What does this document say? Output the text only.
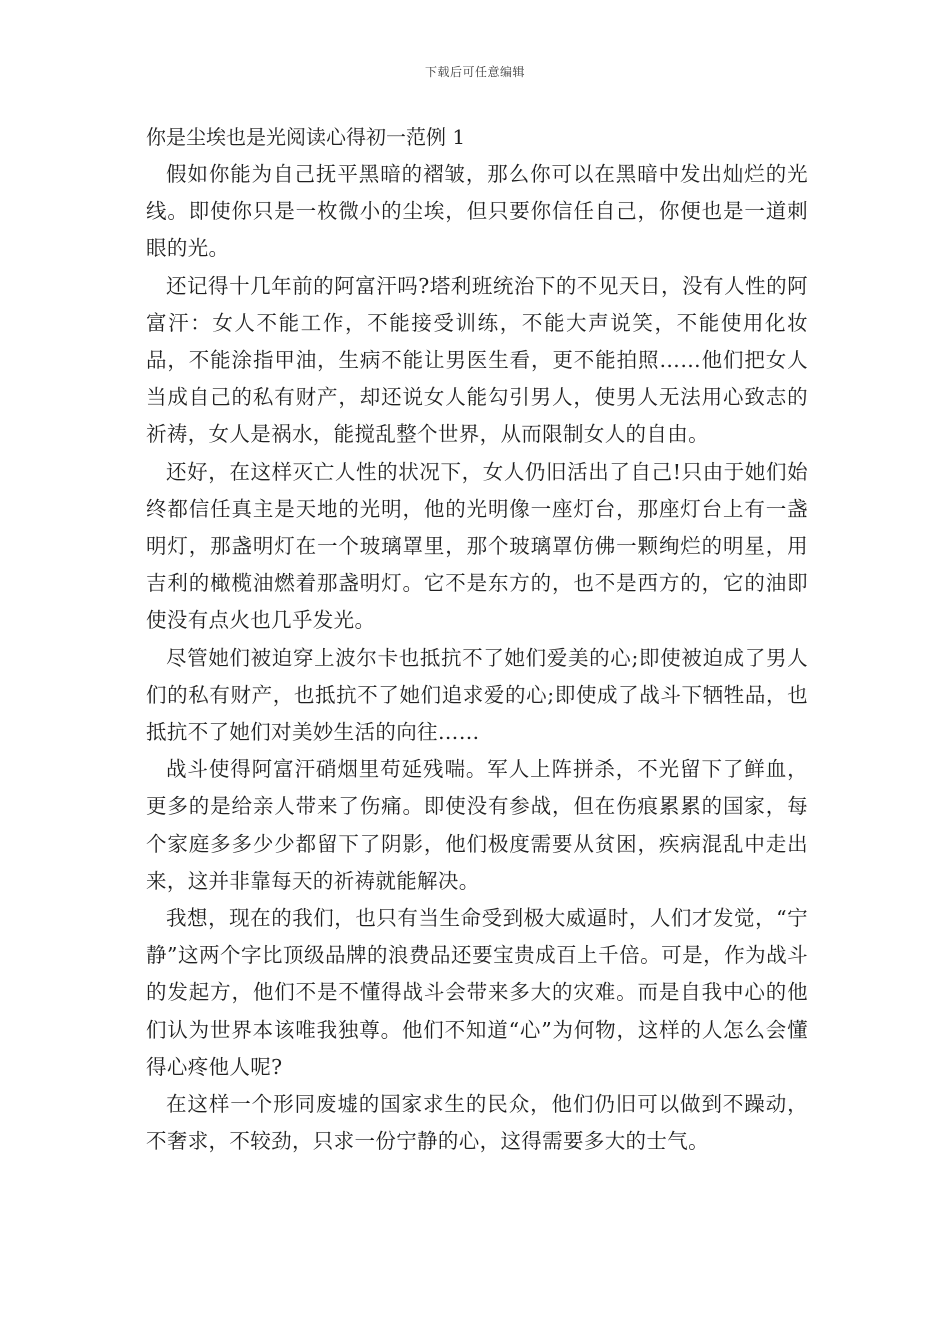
下载后可任意编辑
你是尘埃也是光阅读心得初一范例 1

假如你能为自己抚平黑暗的褶皱，那么你可以在黑暗中发出灿烂的光线。即使你只是一枚微小的尘埃，但只要你信任自己，你便也是一道刺眼的光。

还记得十几年前的阿富汗吗?塔利班统治下的不见天日，没有人性的阿富汗：女人不能工作，不能接受训练，不能大声说笑，不能使用化妆品，不能涂指甲油，生病不能让男医生看，更不能拍照……他们把女人当成自己的私有财产，却还说女人能勾引男人，使男人无法用心致志的祈祷，女人是祸水，能搅乱整个世界，从而限制女人的自由。

还好，在这样灭亡人性的状况下，女人仍旧活出了自己!只由于她们始终都信任真主是天地的光明，他的光明像一座灯台，那座灯台上有一盏明灯，那盏明灯在一个玻璃罩里，那个玻璃罩仿佛一颗绚烂的明星，用吉利的橄榄油燃着那盏明灯。它不是东方的，也不是西方的，它的油即使没有点火也几乎发光。

尽管她们被迫穿上波尔卡也抵抗不了她们爱美的心;即使被迫成了男人们的私有财产，也抵抗不了她们追求爱的心;即使成了战斗下牺牲品，也抵抗不了她们对美妙生活的向往……

战斗使得阿富汗硝烟里苟延残喘。军人上阵拼杀，不光留下了鲜血，更多的是给亲人带来了伤痛。即使没有参战，但在伤痕累累的国家，每个家庭多多少少都留下了阴影，他们极度需要从贫困，疾病混乱中走出来，这并非靠每天的祈祷就能解决。

我想，现在的我们，也只有当生命受到极大威逼时，人们才发觉，“宁静”这两个字比顶级品牌的浪费品还要宝贵成百上千倍。可是，作为战斗的发起方，他们不是不懂得战斗会带来多大的灾难。而是自我中心的他们认为世界本该唯我独尊。他们不知道“心”为何物，这样的人怎么会懂得心疼他人呢?

在这样一个形同废墟的国家求生的民众，他们仍旧可以做到不躁动，不奢求，不较劲，只求一份宁静的心，这得需要多大的士气。
